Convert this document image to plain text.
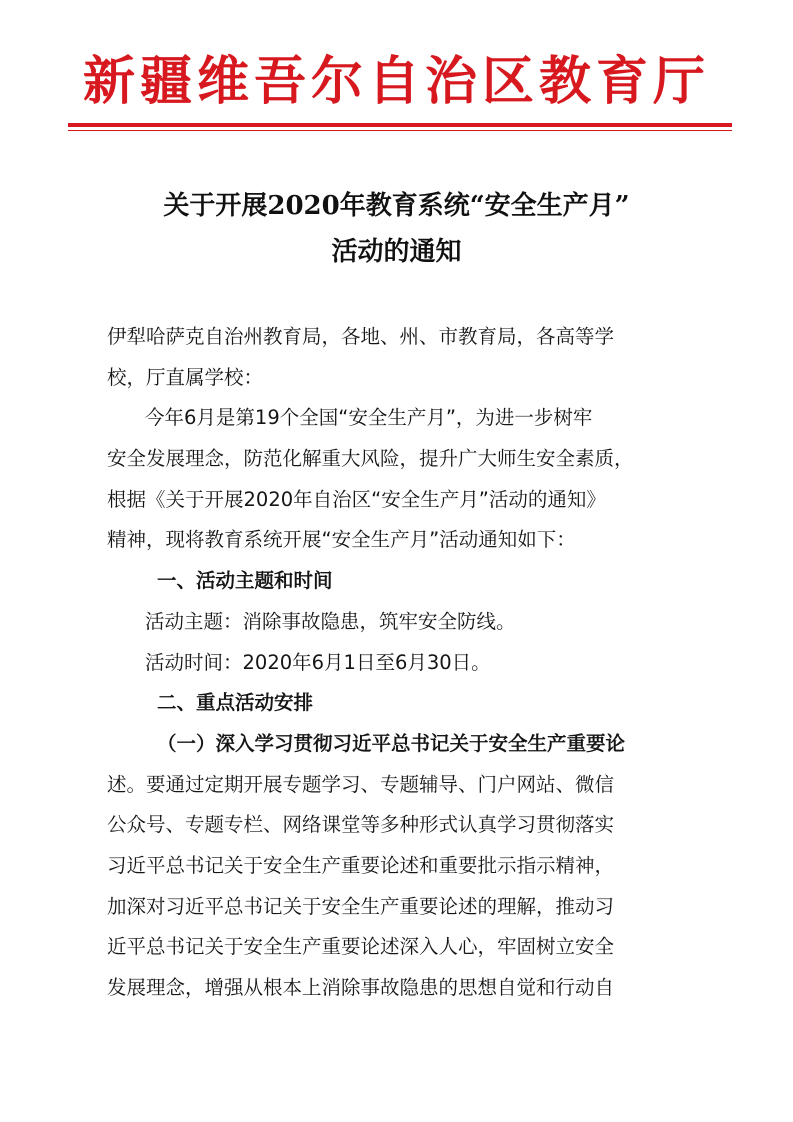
新疆维吾尔自治区教育厅
关于开展2020年教育系统“安全生产月”
活动的通知
伊犁哈萨克自治州教育局，各地、州、市教育局，各高等学
校，厅直属学校：
今年6月是第19个全国“安全生产月”，为进一步树牢
安全发展理念，防范化解重大风险，提升广大师生安全素质，
根据《关于开展2020年自治区“安全生产月”活动的通知》
精神，现将教育系统开展“安全生产月”活动通知如下：
一、活动主题和时间
活动主题：消除事故隐患，筑牢安全防线。
活动时间：2020年6月1日至6月30日。
二、重点活动安排
（一）深入学习贯彻习近平总书记关于安全生产重要论
述。要通过定期开展专题学习、专题辅导、门户网站、微信
公众号、专题专栏、网络课堂等多种形式认真学习贯彻落实
习近平总书记关于安全生产重要论述和重要批示指示精神，
加深对习近平总书记关于安全生产重要论述的理解，推动习
近平总书记关于安全生产重要论述深入人心，牢固树立安全
发展理念，增强从根本上消除事故隐患的思想自觉和行动自
